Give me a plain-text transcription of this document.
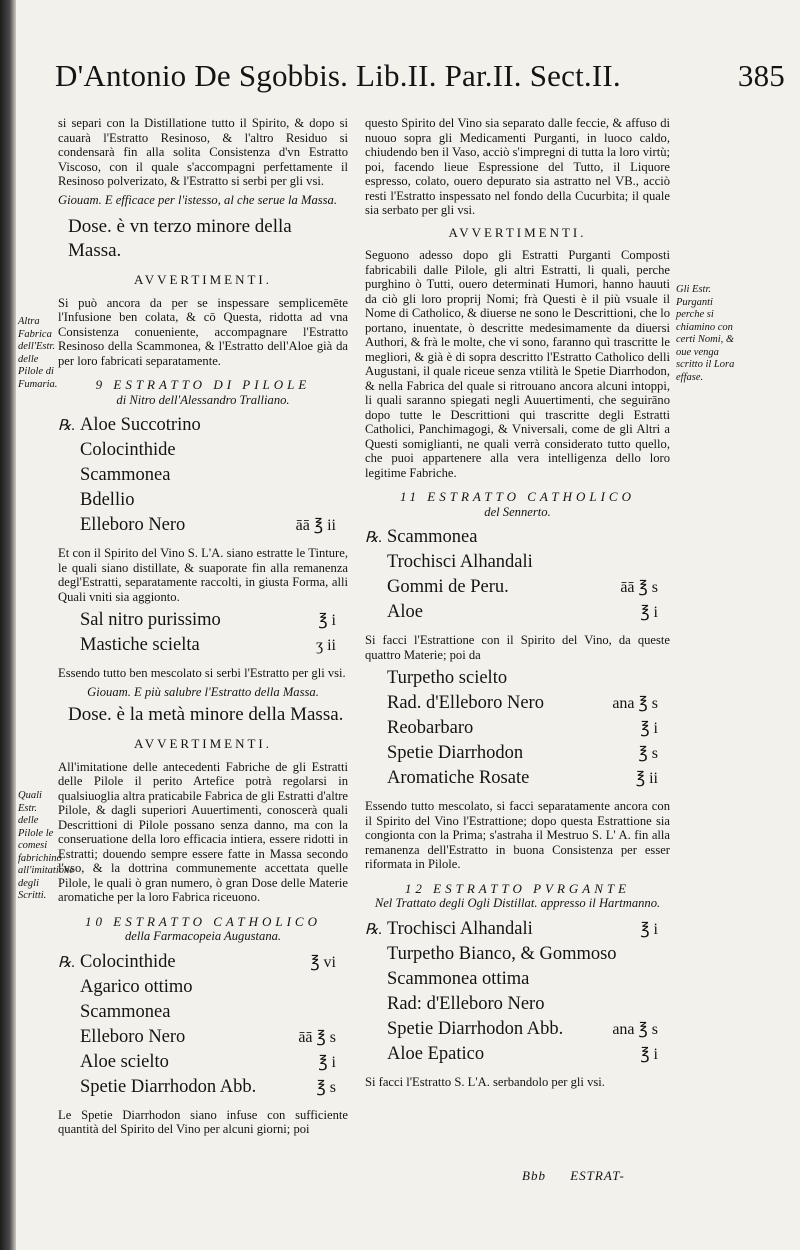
D'Antonio De Sgobbis. Lib.II. Par.II. Sect.II.	385

si separi con la Distillatione tutto il Spirito, & dopo si cauarà l'Estratto Resinoso, & l'altro Residuo si condensarà fin alla solita Consistenza d'vn Estratto Viscoso, con il quale s'accompagni perfettamente il Resinoso polverizato, & l'Estratto si serbi per gli vsi.

Giouam. E efficace per l'istesso, al che serue la Massa.

Dose. è vn terzo minore della Massa.
AVVERTIMENTI.

Si può ancora da per se inspessare semplicemēte l'Infusione ben colata, & cō Questa, ridotta ad vna Consistenza conueniente, accompagnare l'Estratto Resinoso della Scammonea, & l'Estratto dell'Aloe già da per loro fabricati separatamente.

9 ESTRATTO DI PILOLE
di Nitro dell'Alessandro Tralliano.
℞. Aloe Succotrino
Colocinthide
Scammonea
Bdellio
Elleboro Nero	āā ℥ ii

Et con il Spirito del Vino S. L'A. siano estratte le Tinture, le quali siano distillate, & suaporate fin alla remanenza degl'Estratti, separatamente raccolti, in giusta Forma, alli Quali vniti sia aggionto.

Sal nitro purissimo	℥ i
Mastiche scielta	ʒ ii

Essendo tutto ben mescolato si serbi l'Estratto per gli vsi.

Giouam. E più salubre l'Estratto della Massa.

Dose. è la metà minore della Massa.
AVVERTIMENTI.

All'imitatione delle antecedenti Fabriche de gli Estratti delle Pilole il perito Artefice potrà regolarsi in qualsiuoglia altra praticabile Fabrica de gli Estratti d'altre Pilole, & dagli superiori Auuertimenti, conoscerà quali Descrittioni di Pilole possano senza danno, ma con la conseruatione della loro efficacia intiera, essere ridotti in Estratti; douendo sempre essere fatte in Massa secondo l'vso, & la dottrina communemente accettata quelle Pilole, le quali ò gran numero, ò gran Dose delle Materie aromatiche per la loro Fabrica riceuono.

10 ESTRATTO CATHOLICO
della Farmacopeia Augustana.
℞. Colocinthide	℥ vi
Agarico ottimo
Scammonea
Elleboro Nero	āā ℥ s
Aloe scielto	℥ i
Spetie Diarrhodon Abb.	℥ s

Le Spetie Diarrhodon siano infuse con sufficiente quantità del Spirito del Vino per alcuni giorni; poi

Altra Fabrica dell'Estr. delle Pilole di Fumaria.
Quali Estr. delle Pilole le comesi fabrichino all'imitatione degli Scritti.

questo Spirito del Vino sia separato dalle feccie, & affuso di nuouo sopra gli Medicamenti Purganti, in luoco caldo, chiudendo ben il Vaso, acciò s'impregni di tutta la loro virtù; poi, facendo lieue Espressione del Tutto, il Liquore espresso, colato, ouero depurato sia astratto nel VB., acciò resti l'Estratto inspessato nel fondo della Cucurbita; il quale sia serbato per gli vsi.

AVVERTIMENTI.

Seguono adesso dopo gli Estratti Purganti Composti fabricabili dalle Pilole, gli altri Estratti, li quali, perche purghino ò Tutti, ouero determinati Humori, hanno hauuti da ciò gli loro proprij Nomi; frà Questi è il più vsuale il Nome di Catholico, & diuerse ne sono le Descrittioni, che lo portano, inuentate, ò descritte medesimamente da diuersi Authori, & frà le molte, che vi sono, faranno quì trascritte le megliori, & già è di sopra descritto l'Estratto Catholico delli Augustani, il quale riceue senza vtilità le Spetie Diarrhodon, & nella Fabrica del quale si ritrouano ancora alcuni intoppi, li quali saranno spiegati negli Auuertimenti, che seguirāno dopo tutte le Descrittioni qui trascritte degli Estratti Catholici, Panchimagogi, & Vniversali, come de gli Altri a Questi somiglianti, ne quali verrà considerato tutto quello, che puoi appartenere alla vera intelligenza dello loro legitime Fabriche.

11 ESTRATTO CATHOLICO
del Sennerto.
℞. Scammonea
Trochisci Alhandali
Gommi de Peru.	āā ℥ s
Aloe	℥ i

Si facci l'Estrattione con il Spirito del Vino, da queste quattro Materie; poi da

Turpetho scielto
Rad. d'Elleboro Nero	ana ℥ s
Reobarbaro	℥ i
Spetie Diarrhodon	℥ s
Aromatiche Rosate	℥ ii

Essendo tutto mescolato, si facci separatamente ancora con il Spirito del Vino l'Estrattione; dopo questa Estrattione sia congionta con la Prima; s'astraha il Mestruo S. L' A. fin alla remanenza dell'Estratto in buona Consistenza per esser riformata in Pilole.

12 ESTRATTO PVRGANTE
Nel Trattato degli Ogli Distillat. appresso il Hartmanno.
℞. Trochisci Alhandali	℥ i
Turpetho Bianco, & Gommoso
Scammonea ottima
Rad: d'Elleboro Nero
Spetie Diarrhodon Abb.	ana ℥ s
Aloe Epatico	℥ i

Si facci l'Estratto S. L'A. serbandolo per gli vsi.

Gli Estr. Purganti perche si chiamino con certi Nomi, & oue venga scritto il Lora effase.
Bbb ESTRAT-
